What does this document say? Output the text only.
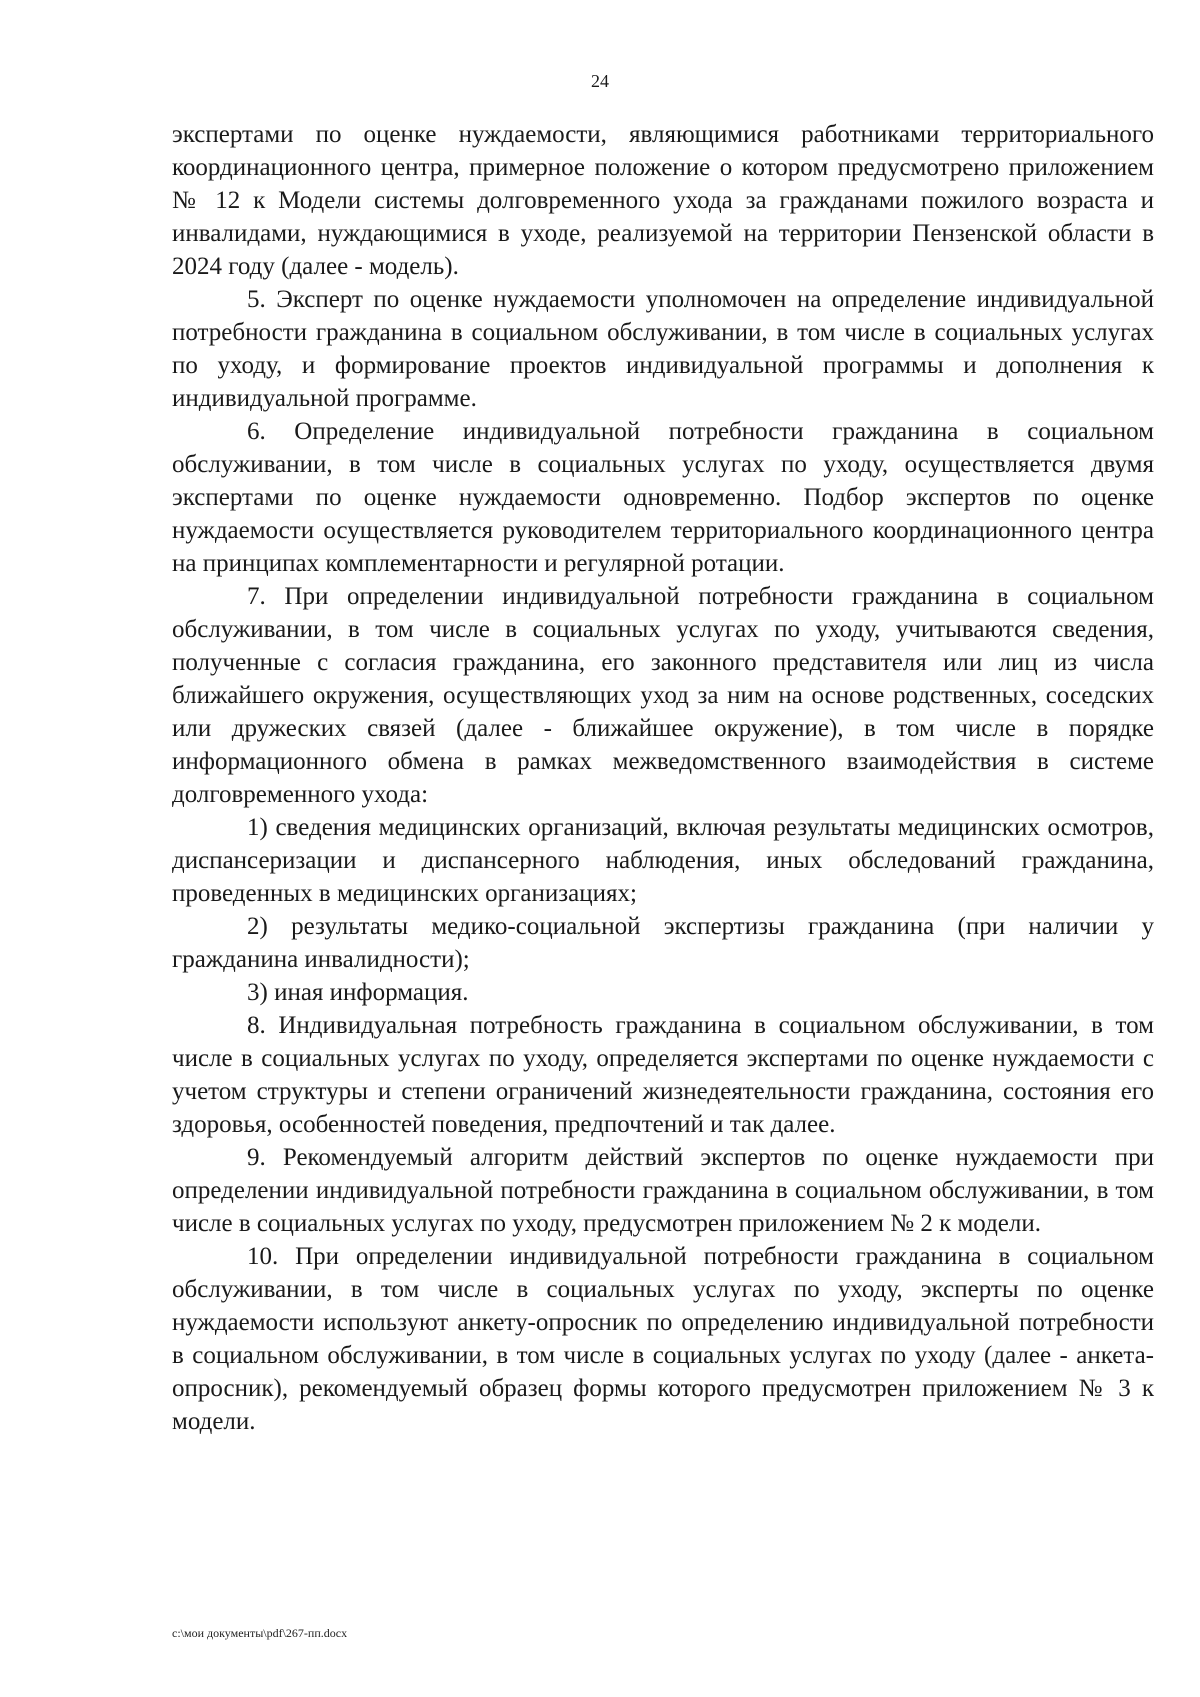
24

экспертами по оценке нуждаемости, являющимися работниками территориального координационного центра, примерное положение о котором предусмотрено приложением № 12 к Модели системы долговременного ухода за гражданами пожилого возраста и инвалидами, нуждающимися в уходе, реализуемой на территории Пензенской области в 2024 году (далее - модель).

5. Эксперт по оценке нуждаемости уполномочен на определение индивидуальной потребности гражданина в социальном обслуживании, в том числе в социальных услугах по уходу, и формирование проектов индивидуальной программы и дополнения к индивидуальной программе.

6. Определение индивидуальной потребности гражданина в социальном обслуживании, в том числе в социальных услугах по уходу, осуществляется двумя экспертами по оценке нуждаемости одновременно. Подбор экспертов по оценке нуждаемости осуществляется руководителем территориального координационного центра на принципах комплементарности и регулярной ротации.

7. При определении индивидуальной потребности гражданина в социальном обслуживании, в том числе в социальных услугах по уходу, учитываются сведения, полученные с согласия гражданина, его законного представителя или лиц из числа ближайшего окружения, осуществляющих уход за ним на основе родственных, соседских или дружеских связей (далее - ближайшее окружение), в том числе в порядке информационного обмена в рамках межведомственного взаимодействия в системе долговременного ухода:

1) сведения медицинских организаций, включая результаты медицинских осмотров, диспансеризации и диспансерного наблюдения, иных обследований гражданина, проведенных в медицинских организациях;

2) результаты медико-социальной экспертизы гражданина (при наличии у гражданина инвалидности);

3) иная информация.

8. Индивидуальная потребность гражданина в социальном обслуживании, в том числе в социальных услугах по уходу, определяется экспертами по оценке нуждаемости с учетом структуры и степени ограничений жизнедеятельности гражданина, состояния его здоровья, особенностей поведения, предпочтений и так далее.

9. Рекомендуемый алгоритм действий экспертов по оценке нуждаемости при определении индивидуальной потребности гражданина в социальном обслуживании, в том числе в социальных услугах по уходу, предусмотрен приложением № 2 к модели.

10. При определении индивидуальной потребности гражданина в социальном обслуживании, в том числе в социальных услугах по уходу, эксперты по оценке нуждаемости используют анкету-опросник по определению индивидуальной потребности в социальном обслуживании, в том числе в социальных услугах по уходу (далее - анкета-опросник), рекомендуемый образец формы которого предусмотрен приложением № 3 к модели.

c:\мои документы\pdf\267-пп.docx
